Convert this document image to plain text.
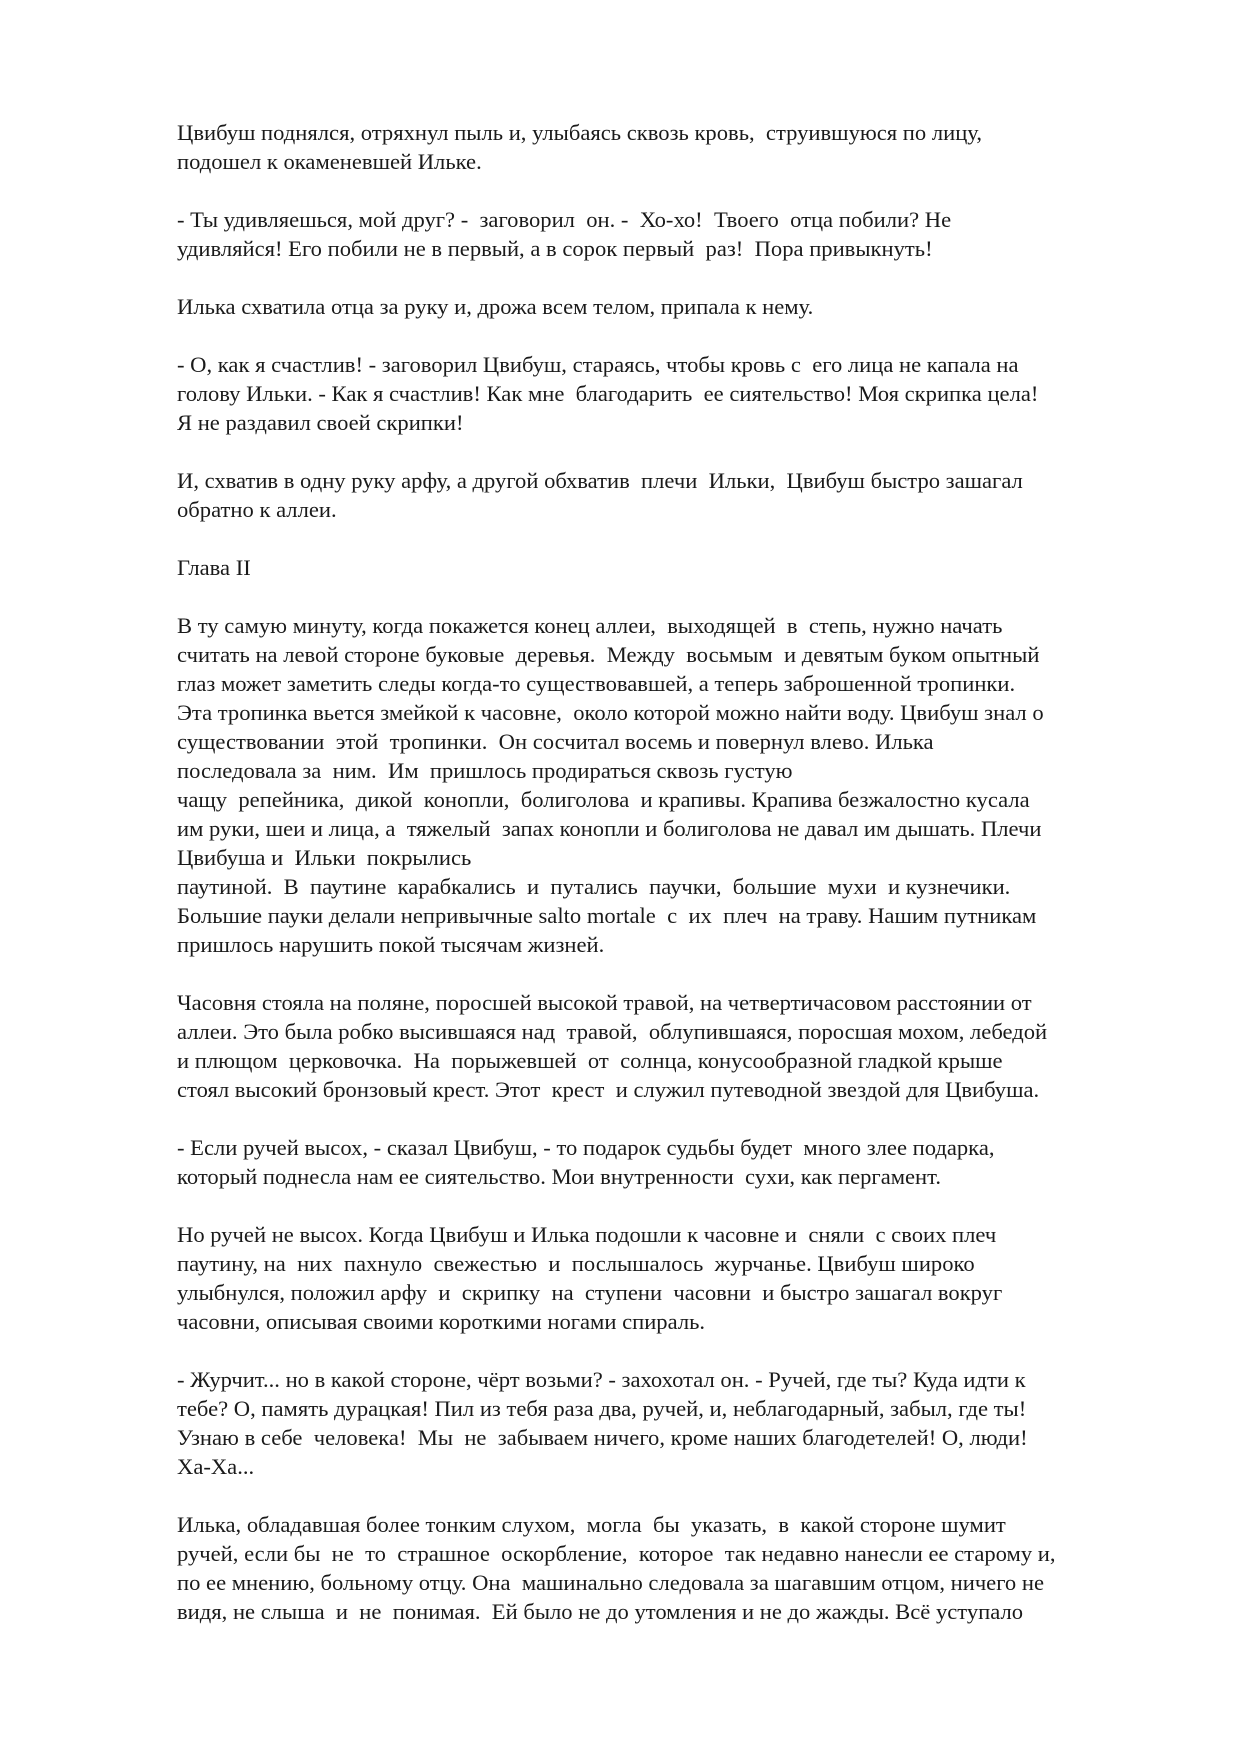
Цвибуш поднялся, отряхнул пыль и, улыбаясь сквозь кровь,  струившуюся по лицу,
подошел к окаменевшей Ильке.

- Ты удивляешься, мой друг? -  заговорил  он. -  Хо-хо!  Твоего  отца побили? Не
удивляйся! Его побили не в первый, а в сорок первый  раз!  Пора привыкнуть!

Илька схватила отца за руку и, дрожа всем телом, припала к нему.

- О, как я счастлив! - заговорил Цвибуш, стараясь, чтобы кровь с  его лица не капала на
голову Ильки. - Как я счастлив! Как мне  благодарить  ее сиятельство! Моя скрипка цела!
Я не раздавил своей скрипки!

И, схватив в одну руку арфу, а другой обхватив  плечи  Ильки,  Цвибуш быстро зашагал
обратно к аллеи.

Глава II

В ту самую минуту, когда покажется конец аллеи,  выходящей  в  степь, нужно начать
считать на левой стороне буковые  деревья.  Между  восьмым  и девятым буком опытный
глаз может заметить следы когда-то существовавшей, а теперь заброшенной тропинки.
Эта тропинка вьется змейкой к часовне,  около которой можно найти воду. Цвибуш знал о
существовании  этой  тропинки.  Он сосчитал восемь и повернул влево. Илька
последовала за  ним.  Им  пришлось продираться сквозь густую
чащу  репейника,  дикой  конопли,  болиголова  и крапивы. Крапива безжалостно кусала
им руки, шеи и лица, а  тяжелый  запах конопли и болиголова не давал им дышать. Плечи
Цвибуша и  Ильки  покрылись
паутиной.  В  паутине  карабкались  и  путались  паучки,  большие  мухи  и кузнечики.
Большие пауки делали непривычные salto mortale  с  их  плеч  на траву. Нашим путникам
пришлось нарушить покой тысячам жизней.

Часовня стояла на поляне, поросшей высокой травой, на четвертичасовом расстоянии от
аллеи. Это была робко высившаяся над  травой,  облупившаяся, поросшая мохом, лебедой
и плющом  церковочка.  На  порыжевшей  от  солнца, конусообразной гладкой крыше
стоял высокий бронзовый крест. Этот  крест  и служил путеводной звездой для Цвибуша.

- Если ручей высох, - сказал Цвибуш, - то подарок судьбы будет  много злее подарка,
который поднесла нам ее сиятельство. Мои внутренности  сухи, как пергамент.

Но ручей не высох. Когда Цвибуш и Илька подошли к часовне и  сняли  с своих плеч
паутину, на  них  пахнуло  свежестью  и  послышалось  журчанье. Цвибуш широко
улыбнулся, положил арфу  и  скрипку  на  ступени  часовни  и быстро зашагал вокруг
часовни, описывая своими короткими ногами спираль.

- Журчит... но в какой стороне, чёрт возьми? - захохотал он. - Ручей, где ты? Куда идти к
тебе? О, память дурацкая! Пил из тебя раза два, ручей, и, неблагодарный, забыл, где ты!
Узнаю в себе  человека!  Мы  не  забываем ничего, кроме наших благодетелей! О, люди!
Ха-Ха...

Илька, обладавшая более тонким слухом,  могла  бы  указать,  в  какой стороне шумит
ручей, если бы  не  то  страшное  оскорбление,  которое  так недавно нанесли ее старому и,
по ее мнению, больному отцу. Она  машинально следовала за шагавшим отцом, ничего не
видя, не слыша  и  не  понимая.  Ей было не до утомления и не до жажды. Всё уступало
